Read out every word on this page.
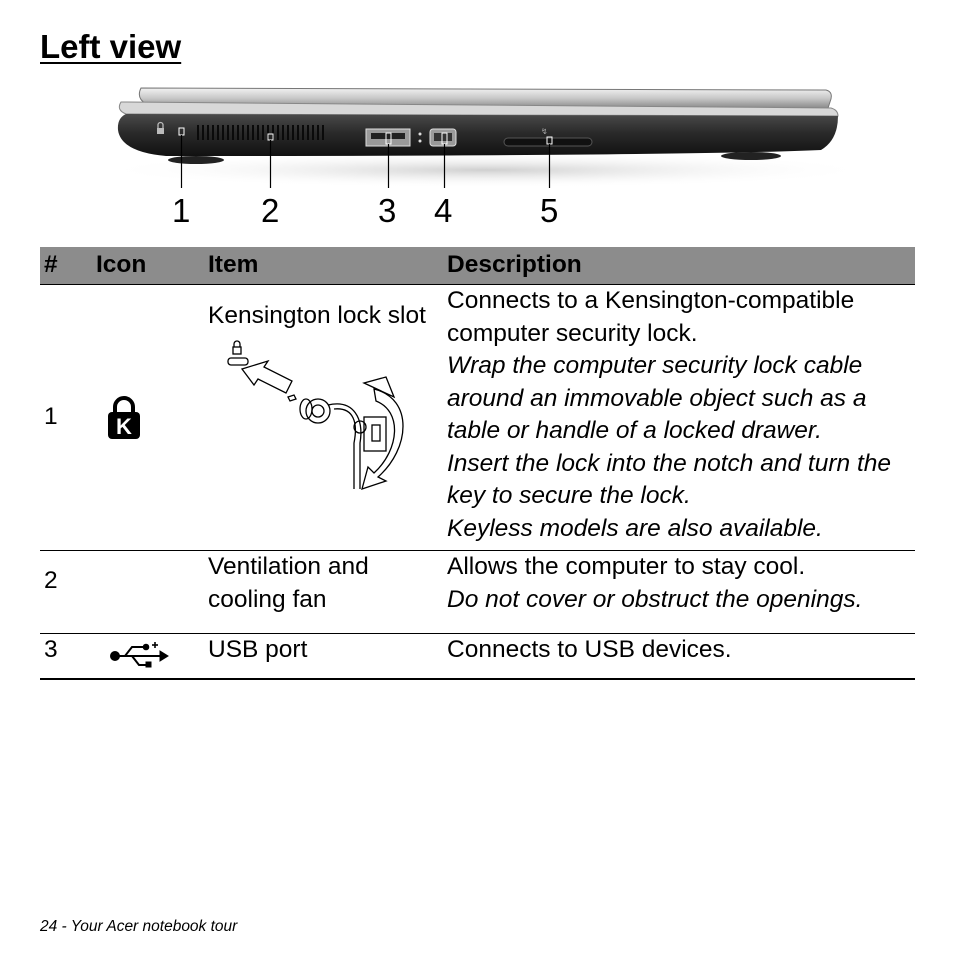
Left view
↯
1 2	3 4	5
#	Icon	Item	Description
1	K	Kensington lock slot	Connects to a Kensington-compatible computer security lock.
Wrap the computer security lock cable around an immovable object such as a table or handle of a locked drawer.
Insert the lock into the notch and turn the key to secure the lock.
Keyless models are also available.

2		Ventilation and cooling fan	Allows the computer to stay cool.
Do not cover or obstruct the openings.

3		USB port	Connects to USB devices.
24 - Your Acer notebook tour
